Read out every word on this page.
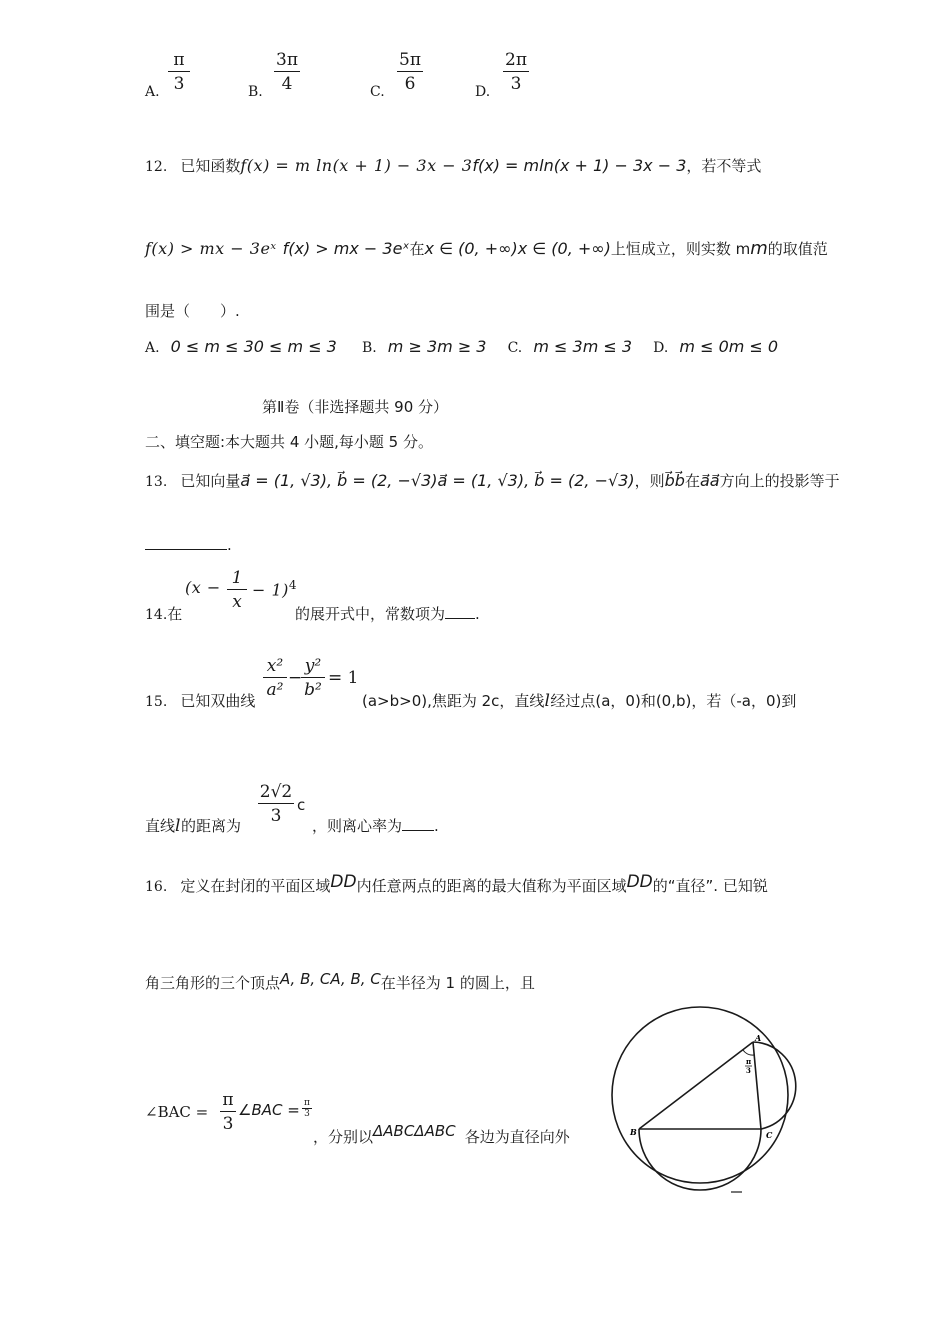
A.
π
3	B.
3π
4	C.
5π
6	D.
2π
3
12. 已知函数f(x) = m ln(x + 1) − 3x − 3f(x) = mln(x + 1) − 3x − 3，若不等式
f(x) > mx − 3eˣ f(x) > mx − 3eˣ在x ∈ (0, +∞)x ∈ (0, +∞)上恒成立，则实数 mm的取值范
围是（　　）.
A. 0 ≤ m ≤ 30 ≤ m ≤ 3 B. m ≥ 3m ≥ 3 C. m ≤ 3m ≤ 3 D. m ≤ 0m ≤ 0
第Ⅱ卷（非选择题共 90 分）
二、填空题:本大题共 4 小题,每小题 5 分。
13. 已知向量a⃗ = (1, √3), b⃗ = (2, −√3)a⃗ = (1, √3), b⃗ = (2, −√3)，则b⃗b⃗在a⃗a⃗方向上的投影等于
.
(x − 1
x
− 1)$^4$
14.在	的展开式中，常数项为 .
15. 已知双曲线
x²
a²
−
y²
b²
= 1
(a>b>0),焦距为 2c，直线l经过点(a，0)和(0,b)，若（-a，0)到
直线l的距离为
2√2
3
c
，则离心率为 .
16. 定义在封闭的平面区域DD内任意两点的距离的最大值称为平面区域DD的“直径”. 已知锐
角三角形的三个顶点A, B, CA, B, C在半径为 1 的圆上，且
∠BAC =
π
3
∠BAC = π
3
，分别以ΔABCΔABC 各边为直径向外
A
B	C
π
3
